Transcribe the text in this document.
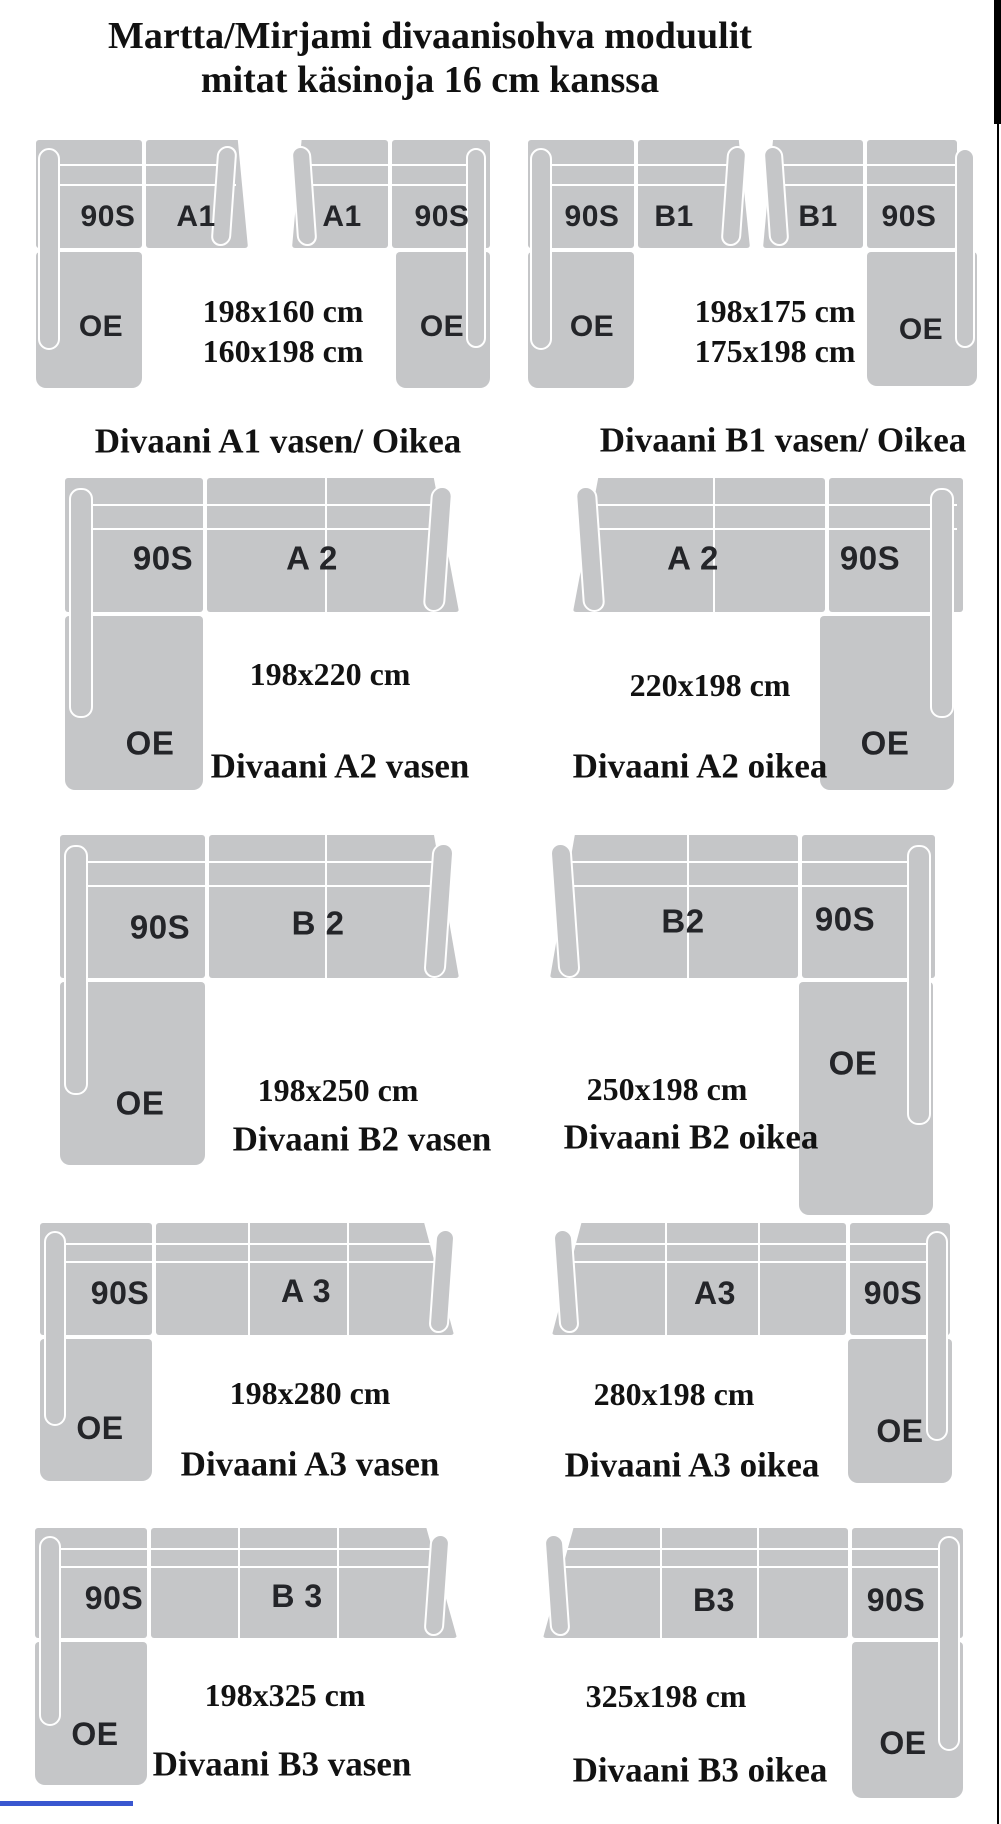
Martta/Mirjami divaanisohva moduulit
mitat käsinoja 16 cm kanssa
90S A1
OE
A1 90S
OE
90S B1
OE
B1 90S
OE
198x160 cm
160x198 cm
198x175 cm
175x198 cm
Divaani A1 vasen/ Oikea	Divaani B1 vasen/ Oikea
90S	A 2
OE
A 2	90S
OE
198x220 cm	220x198 cm
Divaani A2 vasen	Divaani A2 oikea
90S	B 2
OE
B2	90S
OE
198x250 cm	250x198 cm
Divaani B2 vasen Divaani B2 oikea
90S	A 3
OE
A3	90S
OE
198x280 cm	280x198 cm
Divaani A3 vasen	Divaani A3 oikea
90S	B 3
OE
B3	90S
OE
198x325 cm	325x198 cm
Divaani B3 vasen	Divaani B3 oikea
